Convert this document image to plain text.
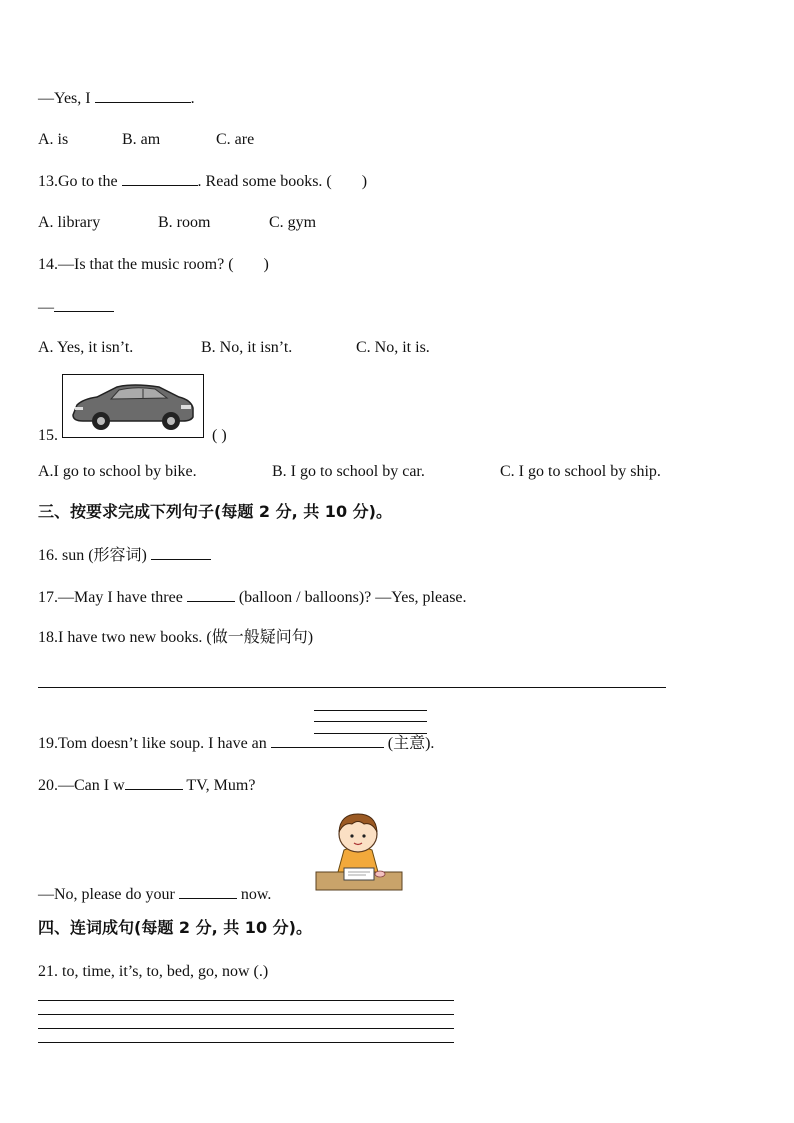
—Yes, I	.
A. is	B. am	C. are
13.Go to the	. Read some books. ( )
A. library	B. room	C. gym
14.—Is that the music room? ( )
—
A. Yes, it isn’t.	B. No, it isn’t.	C. No, it is.
15.	( )
A.I go to school by bike.	B. I go to school by car.	C. I go to school by ship.
三、按要求完成下列句子(每题 2 分, 共 10 分)。
16. sun (形容词)
17.—May I have three	(balloon / balloons)? —Yes, please.
18.I have two new books. (做一般疑问句)
19.Tom doesn’t like soup. I have an	(主意).
20.—Can I w	TV, Mum?
—No, please do your	now.
四、连词成句(每题 2 分, 共 10 分)。
21. to, time, it’s, to, bed, go, now (.)
